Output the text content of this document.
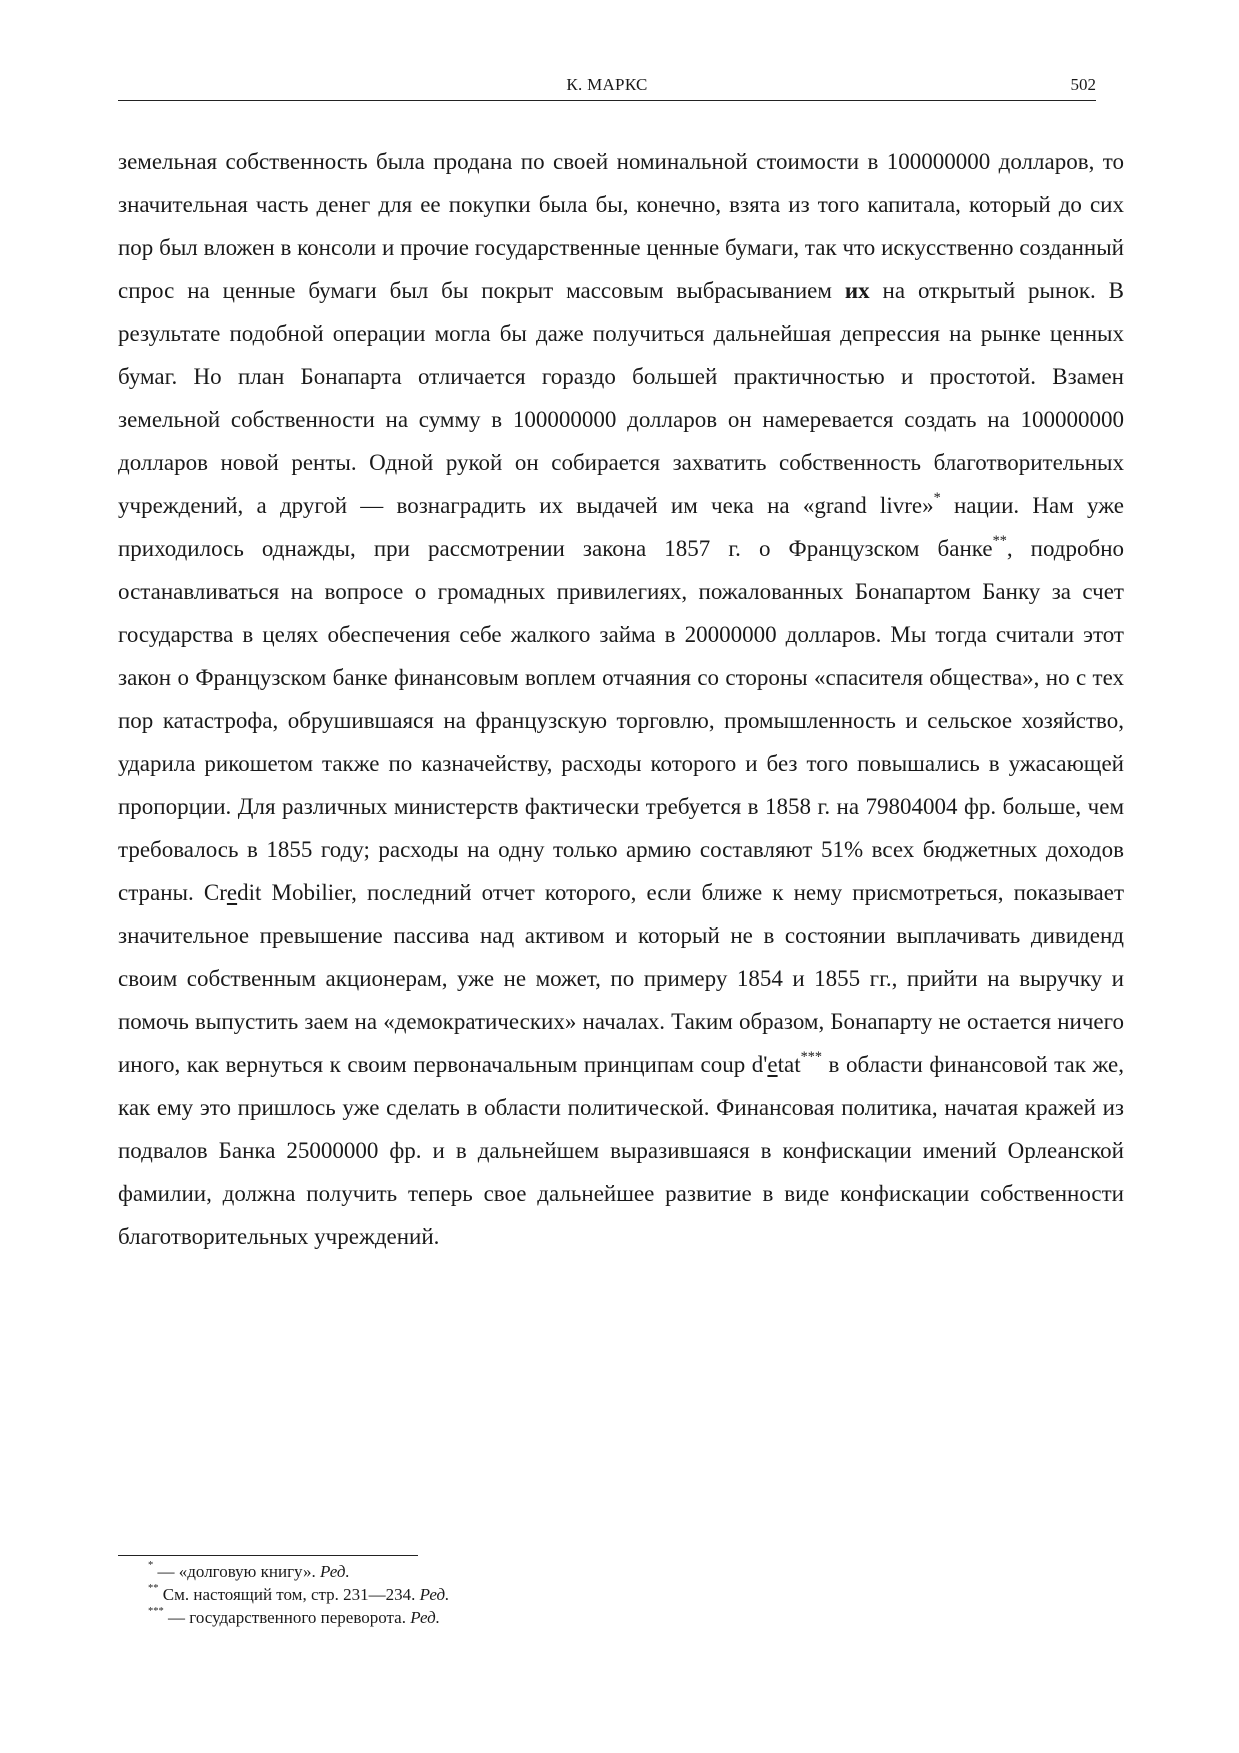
К. МАРКС	502

земельная собственность была продана по своей номинальной стоимости в 100000000 долларов, то значительная часть денег для ее покупки была бы, конечно, взята из того капитала, который до сих пор был вложен в консоли и прочие государственные ценные бумаги, так что искусственно созданный спрос на ценные бумаги был бы покрыт массовым выбрасыванием их на открытый рынок. В результате подобной операции могла бы даже получиться дальнейшая депрессия на рынке ценных бумаг. Но план Бонапарта отличается гораздо большей практичностью и простотой. Взамен земельной собственности на сумму в 100000000 долларов он намеревается создать на 100000000 долларов новой ренты. Одной рукой он собирается захватить собственность благотворительных учреждений, а другой — вознаградить их выдачей им чека на «grand livre»* нации. Нам уже приходилось однажды, при рассмотрении закона 1857 г. о Французском банке**, подробно останавливаться на вопросе о громадных привилегиях, пожалованных Бонапартом Банку за счет государства в целях обеспечения себе жалкого займа в 20000000 долларов. Мы тогда считали этот закон о Французском банке финансовым воплем отчаяния со стороны «спасителя общества», но с тех пор катастрофа, обрушившаяся на французскую торговлю, промышленность и сельское хозяйство, ударила рикошетом также по казначейству, расходы которого и без того повышались в ужасающей пропорции. Для различных министерств фактически требуется в 1858 г. на 79804004 фр. больше, чем требовалось в 1855 году; расходы на одну только армию составляют 51% всех бюджетных доходов страны. Credit Mobilier, последний отчет которого, если ближе к нему присмотреться, показывает значительное превышение пассива над активом и который не в состоянии выплачивать дивиденд своим собственным акционерам, уже не может, по примеру 1854 и 1855 гг., прийти на выручку и помочь выпустить заем на «демократических» началах. Таким образом, Бонапарту не остается ничего иного, как вернуться к своим первоначальным принципам coup d'etat*** в области финансовой так же, как ему это пришлось уже сделать в области политической. Финансовая политика, начатая кражей из подвалов Банка 25000000 фр. и в дальнейшем выразившаяся в конфискации имений Орлеанской фамилии, должна получить теперь свое дальнейшее развитие в виде конфискации собственности благотворительных учреждений.

* — «долговую книгу». Ред.
** См. настоящий том, стр. 231—234. Ред.
*** — государственного переворота. Ред.
